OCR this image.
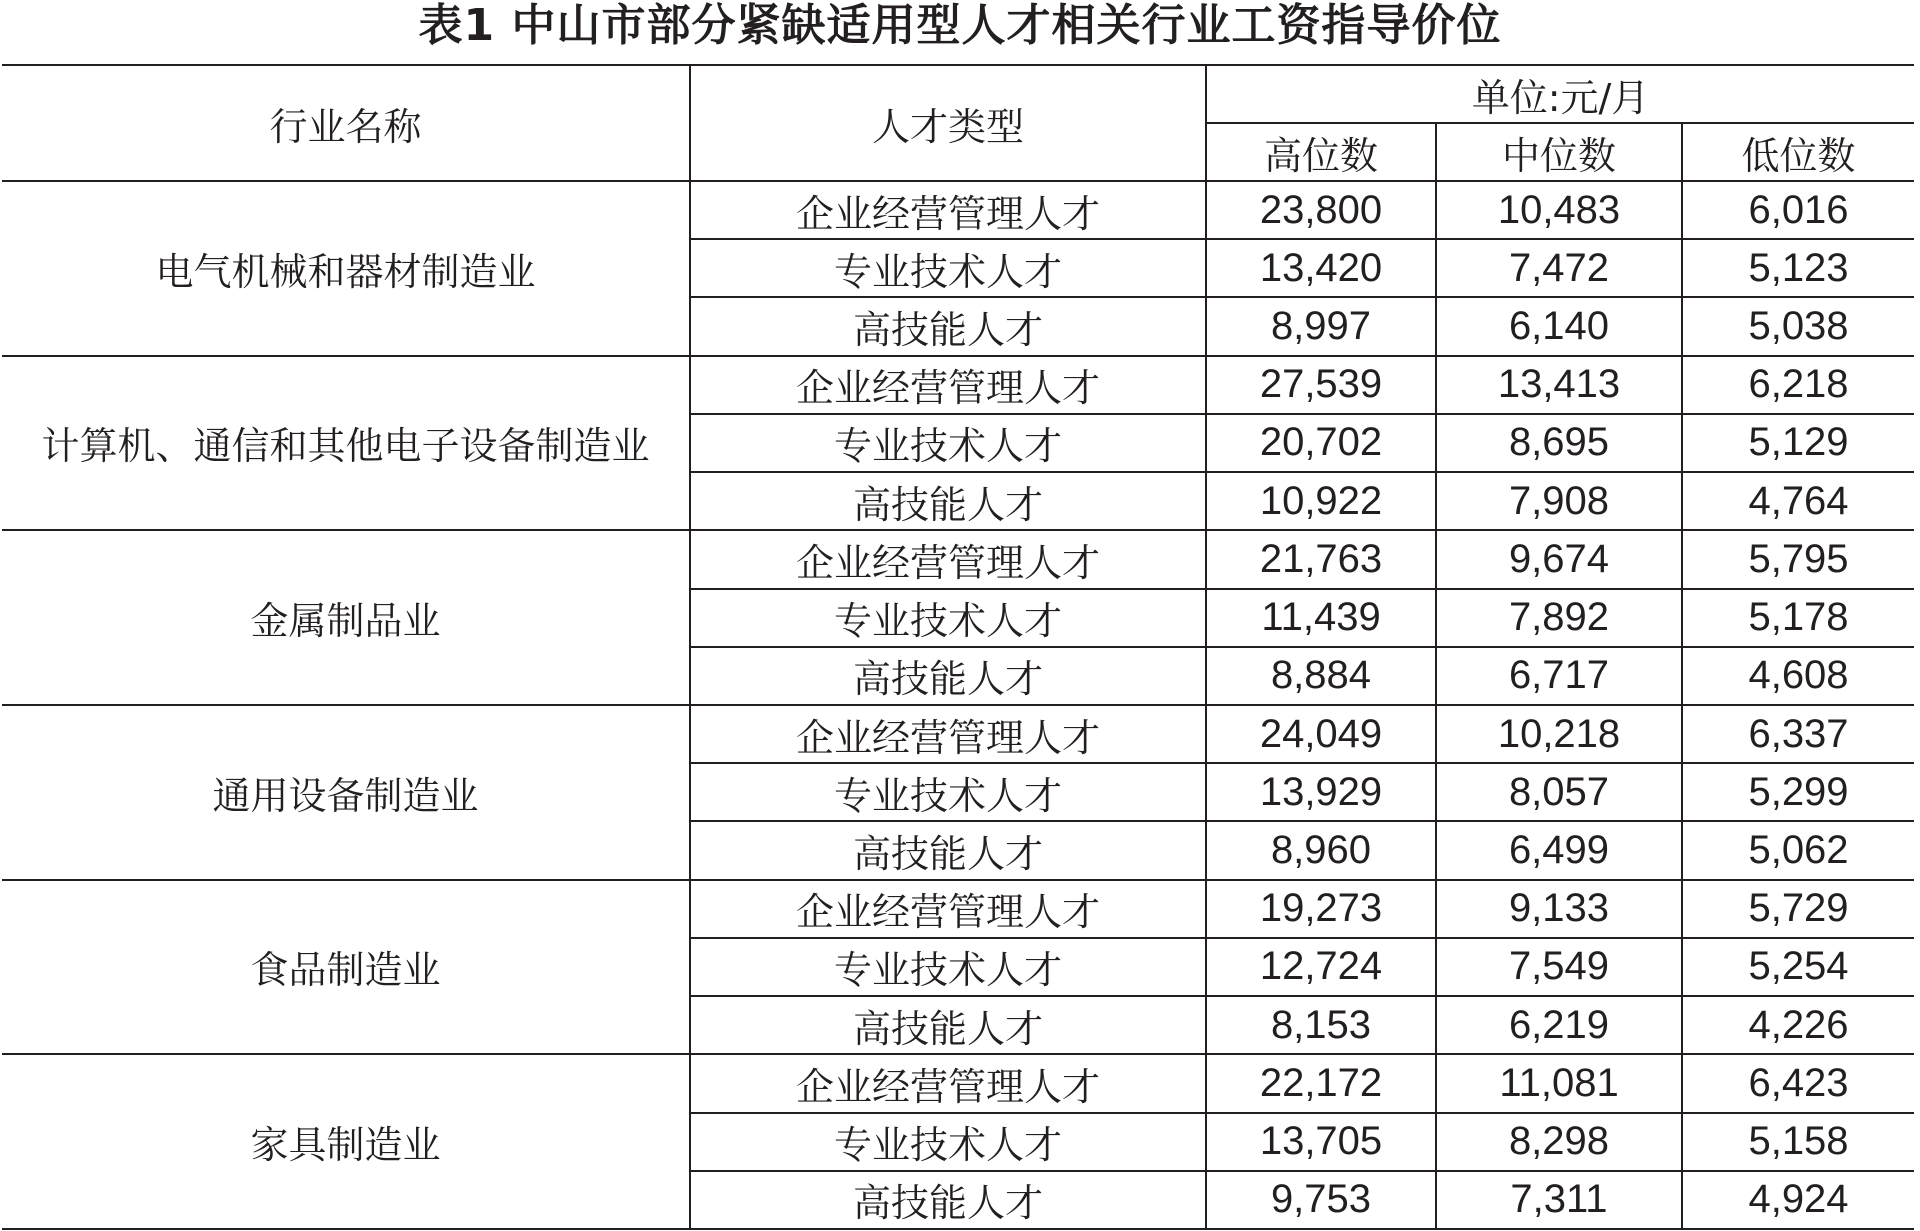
表1 中山市部分紧缺适用型人才相关行业工资指导价位
行业名称	人才类型	单位:元/月		
		高位数	中位数	低位数
电气机械和器材制造业	企业经营管理人才	23,800	10,483	6,016
	专业技术人才	13,420	7,472	5,123
	高技能人才	8,997	6,140	5,038
计算机、通信和其他电子设备制造业	企业经营管理人才	27,539	13,413	6,218
	专业技术人才	20,702	8,695	5,129
	高技能人才	10,922	7,908	4,764
金属制品业	企业经营管理人才	21,763	9,674	5,795
	专业技术人才	11,439	7,892	5,178
	高技能人才	8,884	6,717	4,608
通用设备制造业	企业经营管理人才	24,049	10,218	6,337
	专业技术人才	13,929	8,057	5,299
	高技能人才	8,960	6,499	5,062
食品制造业	企业经营管理人才	19,273	9,133	5,729
	专业技术人才	12,724	7,549	5,254
	高技能人才	8,153	6,219	4,226
家具制造业	企业经营管理人才	22,172	11,081	6,423
	专业技术人才	13,705	8,298	5,158
	高技能人才	9,753	7,311	4,924
